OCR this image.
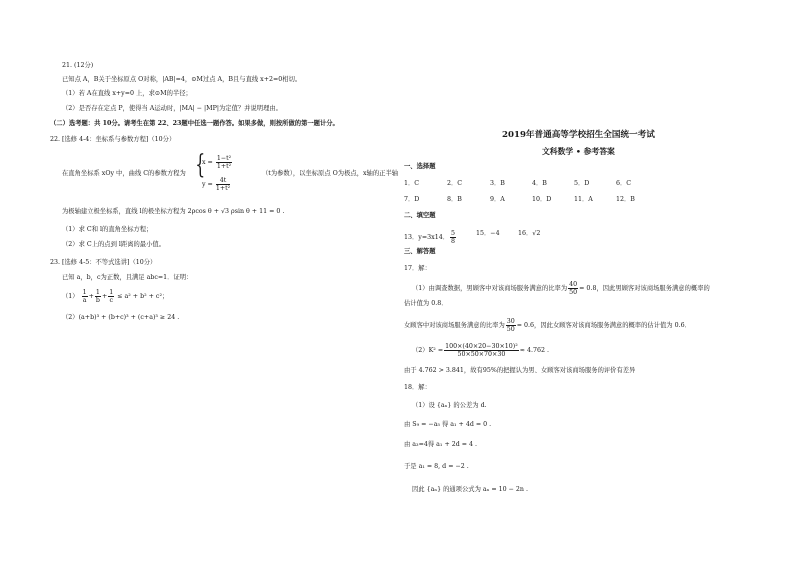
21. (12分)
已知点 A，B关于坐标原点 O对称，|AB|=4，⊙M过点 A，B且与直线 x+2=0相切。
（1）若 A在直线 x+y=0 上，求⊙M的半径；
（2）是否存在定点 P，使得当 A运动时，|MA| − |MP|为定值？并说明理由。
（二）选考题：共 10分。请考生在第 22、23题中任选一题作答。如果多做，则按所做的第一题计分。
22. [选修 4-4：坐标系与参数方程]（10分）
在直角坐标系 xOy 中，曲线 C的参数方程为 {
$x = \frac{\text{1−t²}}{\text{1+t²}}$
$y = \frac{4t}{\text{1+t²}}$
（t为参数），以坐标原点 O为极点，x轴的正半轴
为极轴建立极坐标系，直线 l的极坐标方程为 2ρcos θ + √3 ρsin θ + 11 = 0 .
（1）求 C和 l的直角坐标方程；
（2）求 C上的点到 l距离的最小值。
23. [选修 4-5：不等式选讲]（10分）
已知 a，b，c为正数，且满足 abc=1．证明：
$(1) \frac{1}{a} + \frac{1}{b} + \frac{1}{c} \le a^2 + b^2 + c^2$；
（2）(a+b)³ + (b+c)³ + (c+a)³ ≥ 24 .
2019年普通高等学校招生全国统一考试
文科数学 • 参考答案
一、选择题
1．C	2．C	3．B	4．B	5．D	6．C
7．D	8．B	9．A	10．D	11．A	12．B
二、填空题
13．y=3x14． $\frac{5}{8}$	15．−4	16．√2
三、解答题
17．解：
（1）由调查数据，男顾客中对该商场服务满意的比率为 $\frac{40}{50} = 0.8$，因此男顾客对该商场服务满意的概率的
估计值为 0.8．
女顾客中对该商场服务满意的比率为 $\frac{30}{50} = 0.6$，因此女顾客对该商场服务满意的概率的估计值为 0.6．
$(2)K^2 = \frac{\text{100×(40×20−30×10)²}}{50\times 50\times 70\times 30} \approx 4.762$ .
由于 4.762 > 3.841，故有95%的把握认为男、女顾客对该商场服务的评价有差异
18．解：
（1）设 {aₙ} 的公差为 d.
由 S₉ = −a₅ 得 a₁ + 4d = 0 .
由 a₃=4得 a₁ + 2d = 4 .
于是 a₁ = 8, d = −2 .
因此 {aₙ} 的通项公式为 aₙ = 10 − 2n .
